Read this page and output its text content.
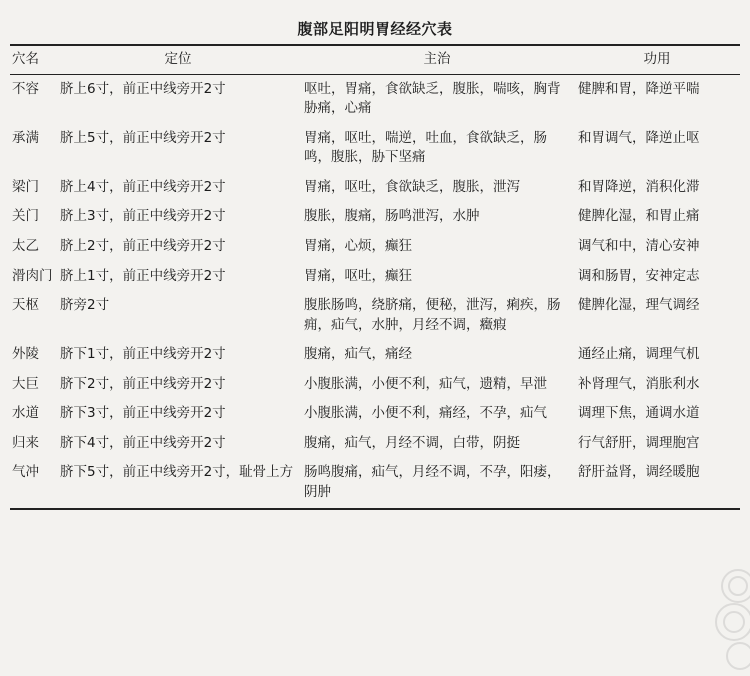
腹部足阳明胃经经穴表
穴名	定位	主治	功用
不容	脐上6寸，前正中线旁开2寸	呕吐，胃痛，食欲缺乏，腹胀，喘咳，胸背胁痛，心痛	健脾和胃，降逆平喘
承满	脐上5寸，前正中线旁开2寸	胃痛，呕吐，喘逆，吐血，食欲缺乏，肠鸣，腹胀，胁下坚痛	和胃调气，降逆止呕
梁门	脐上4寸，前正中线旁开2寸	胃痛，呕吐，食欲缺乏，腹胀，泄泻	和胃降逆，消积化滞
关门	脐上3寸，前正中线旁开2寸	腹胀，腹痛，肠鸣泄泻，水肿	健脾化湿，和胃止痛
太乙	脐上2寸，前正中线旁开2寸	胃痛，心烦，癫狂	调气和中，清心安神
滑肉门	脐上1寸，前正中线旁开2寸	胃痛，呕吐，癫狂	调和肠胃，安神定志
天枢	脐旁2寸	腹胀肠鸣，绕脐痛，便秘，泄泻，痢疾，肠痈，疝气，水肿，月经不调，癥瘕	健脾化湿，理气调经
外陵	脐下1寸，前正中线旁开2寸	腹痛，疝气，痛经	通经止痛，调理气机
大巨	脐下2寸，前正中线旁开2寸	小腹胀满，小便不利，疝气，遗精，早泄	补肾理气，消胀利水
水道	脐下3寸，前正中线旁开2寸	小腹胀满，小便不利，痛经，不孕，疝气	调理下焦，通调水道
归来	脐下4寸，前正中线旁开2寸	腹痛，疝气，月经不调，白带，阴挺	行气舒肝，调理胞宫
气冲	脐下5寸，前正中线旁开2寸，耻骨上方	肠鸣腹痛，疝气，月经不调，不孕，阳痿，阴肿	舒肝益肾，调经暖胞
